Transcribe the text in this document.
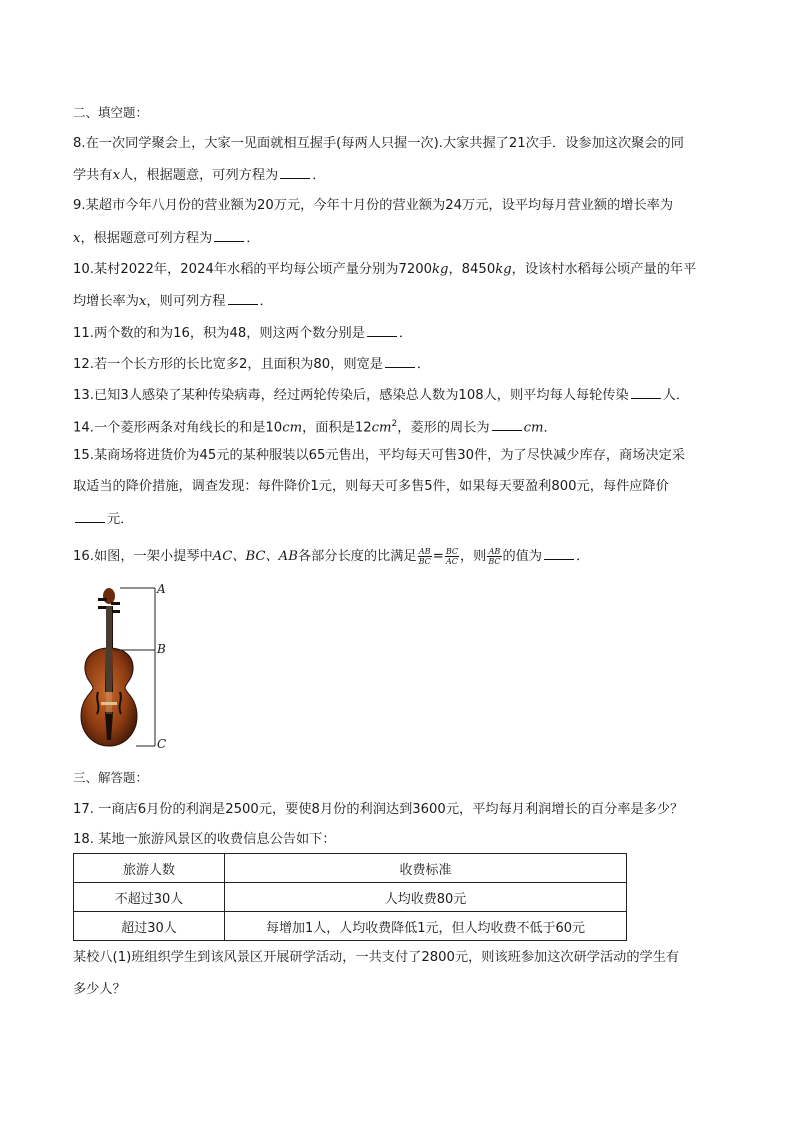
二、填空题：
8.在一次同学聚会上，大家一见面就相互握手(每两人只握一次).大家共握了21次手．设参加这次聚会的同
学共有x人，根据题意，可列方程为	．
9.某超市今年八月份的营业额为20万元，今年十月份的营业额为24万元，设平均每月营业额的增长率为
x，根据题意可列方程为	．
10.某村2022年，2024年水稻的平均每公顷产量分别为7200kg，8450kg，设该村水稻每公顷产量的年平
均增长率为x，则可列方程	．
11.两个数的和为16，积为48，则这两个数分别是	．
12.若一个长方形的长比宽多2，且面积为80，则宽是	．
13.已知3人感染了某种传染病毒，经过两轮传染后，感染总人数为108人，则平均每人每轮传染	人．
14.一个菱形两条对角线长的和是10cm，面积是$12cm^2$，菱形的周长为	cm．
15.某商场将进货价为45元的某种服装以65元售出，平均每天可售30件，为了尽快减少库存，商场决定采
取适当的降价措施，调查发现：每件降价1元，则每天可多售5件，如果每天要盈利800元，每件应降价
元．
16.如图，一架小提琴中AC、BC、AB各部分长度的比满足 $\frac{AB}{BC} = \frac{BC}{AC}$ ，则 $\frac{AB}{BC}$ 的值为	．
A
B
C
三、解答题：
17. 一商店6月份的利润是2500元，要使8月份的利润达到3600元，平均每月利润增长的百分率是多少？
18. 某地一旅游风景区的收费信息公告如下：
旅游人数	收费标准
不超过30人	人均收费80元
超过30人	每增加1人，人均收费降低1元，但人均收费不低于60元
某校八(1)班组织学生到该风景区开展研学活动，一共支付了2800元，则该班参加这次研学活动的学生有
多少人？
